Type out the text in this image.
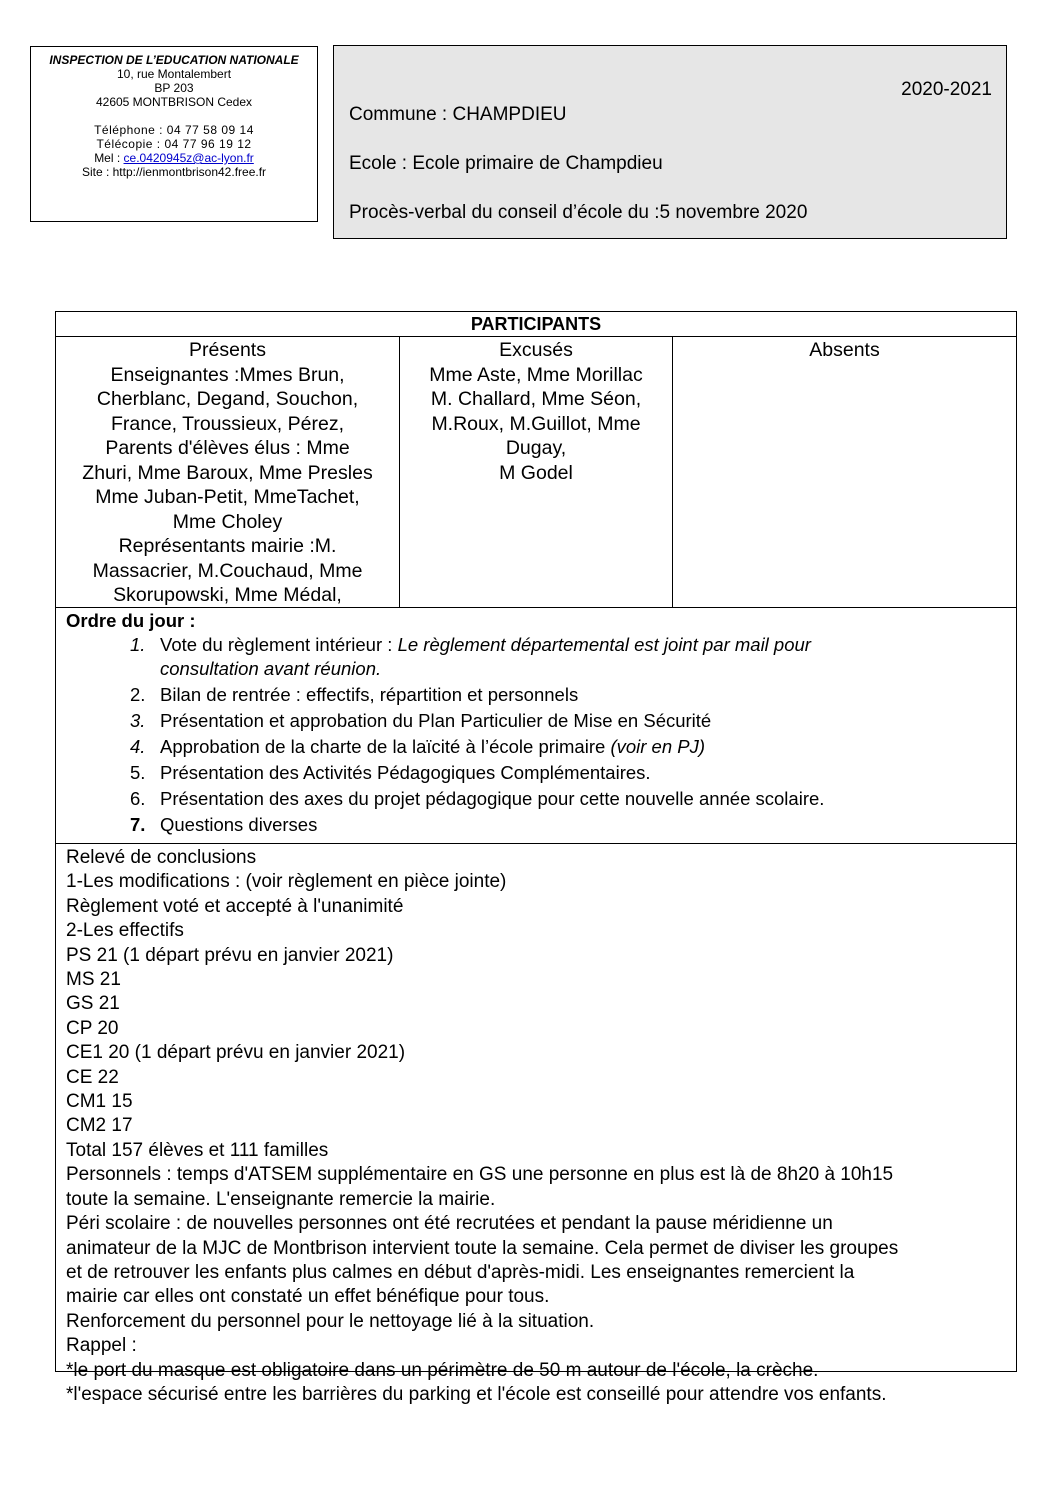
INSPECTION DE L’EDUCATION NATIONALE
10, rue Montalembert
BP 203
42605 MONTBRISON Cedex
Téléphone : 04 77 58 09 14
Télécopie : 04 77 96 19 12
Mel : ce.0420945z@ac-lyon.fr
Site : http://ienmontbrison42.free.fr
2020-2021
Commune : CHAMPDIEU
Ecole : Ecole primaire de Champdieu
Procès-verbal du conseil d’école du :5 novembre 2020
PARTICIPANTS
Présents
Enseignantes :Mmes Brun,
Cherblanc, Degand, Souchon,
France, Troussieux, Pérez,
Parents d'élèves élus : Mme
Zhuri, Mme Baroux, Mme Presles
Mme Juban-Petit, MmeTachet,
Mme Choley
Représentants mairie :M.
Massacrier, M.Couchaud, Mme
Skorupowski, Mme Médal,
Excusés
Mme Aste, Mme Morillac
M. Challard, Mme Séon,
M.Roux, M.Guillot, Mme
Dugay,
M Godel
Absents
Ordre du jour :
1. Vote du règlement intérieur : Le règlement départemental est joint par mail pour
consultation avant réunion.
2. Bilan de rentrée : effectifs, répartition et personnels
3. Présentation et approbation du Plan Particulier de Mise en Sécurité
4. Approbation de la charte de la laïcité à l’école primaire (voir en PJ)
5. Présentation des Activités Pédagogiques Complémentaires.
6. Présentation des axes du projet pédagogique pour cette nouvelle année scolaire.
7. Questions diverses
Relevé de conclusions
1-Les modifications : (voir règlement en pièce jointe)
Règlement voté et accepté à l'unanimité
2-Les effectifs
PS 21 (1 départ prévu en janvier 2021)
MS 21
GS 21
CP 20
CE1 20 (1 départ prévu en janvier 2021)
CE 22
CM1 15
CM2 17
Total 157 élèves et 111 familles
Personnels : temps d'ATSEM supplémentaire en GS une personne en plus est là de 8h20 à 10h15
toute la semaine. L'enseignante remercie la mairie.
Péri scolaire : de nouvelles personnes ont été recrutées et pendant la pause méridienne un
animateur de la MJC de Montbrison intervient toute la semaine. Cela permet de diviser les groupes
et de retrouver les enfants plus calmes en début d'après-midi. Les enseignantes remercient la
mairie car elles ont constaté un effet bénéfique pour tous.
Renforcement du personnel pour le nettoyage lié à la situation.
Rappel :
*le port du masque est obligatoire dans un périmètre de 50 m autour de l'école, la crèche.
*l'espace sécurisé entre les barrières du parking et l'école est conseillé pour attendre vos enfants.
